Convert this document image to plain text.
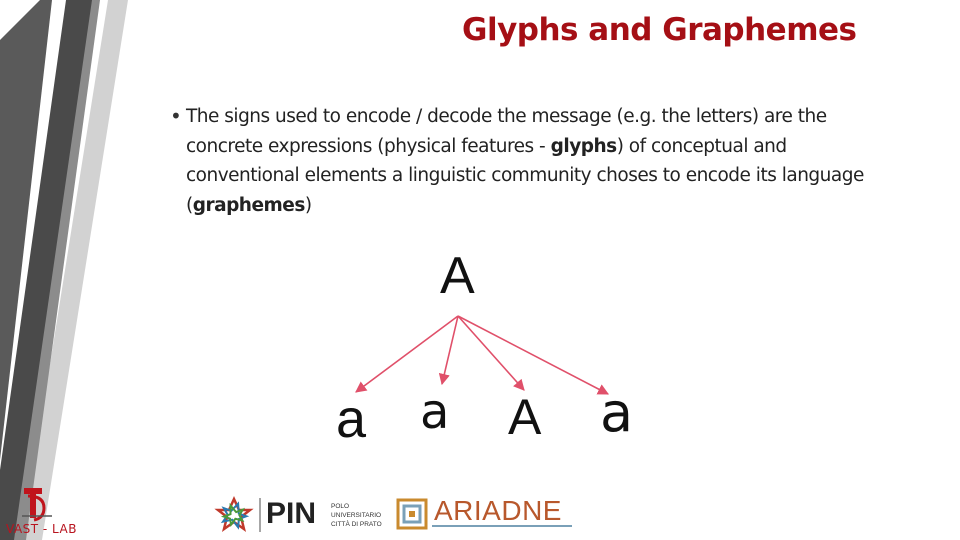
Glyphs and Graphemes
• The signs used to encode / decode the message (e.g. the letters) are the concrete expressions (physical features - glyphs) of conceptual and conventional elements a linguistic community choses to encode its language (graphemes)
A
a a A a
VAST - LAB	PIN POLO
UNIVERSITARIO
CITTÀ DI PRATO	ARIADNE
